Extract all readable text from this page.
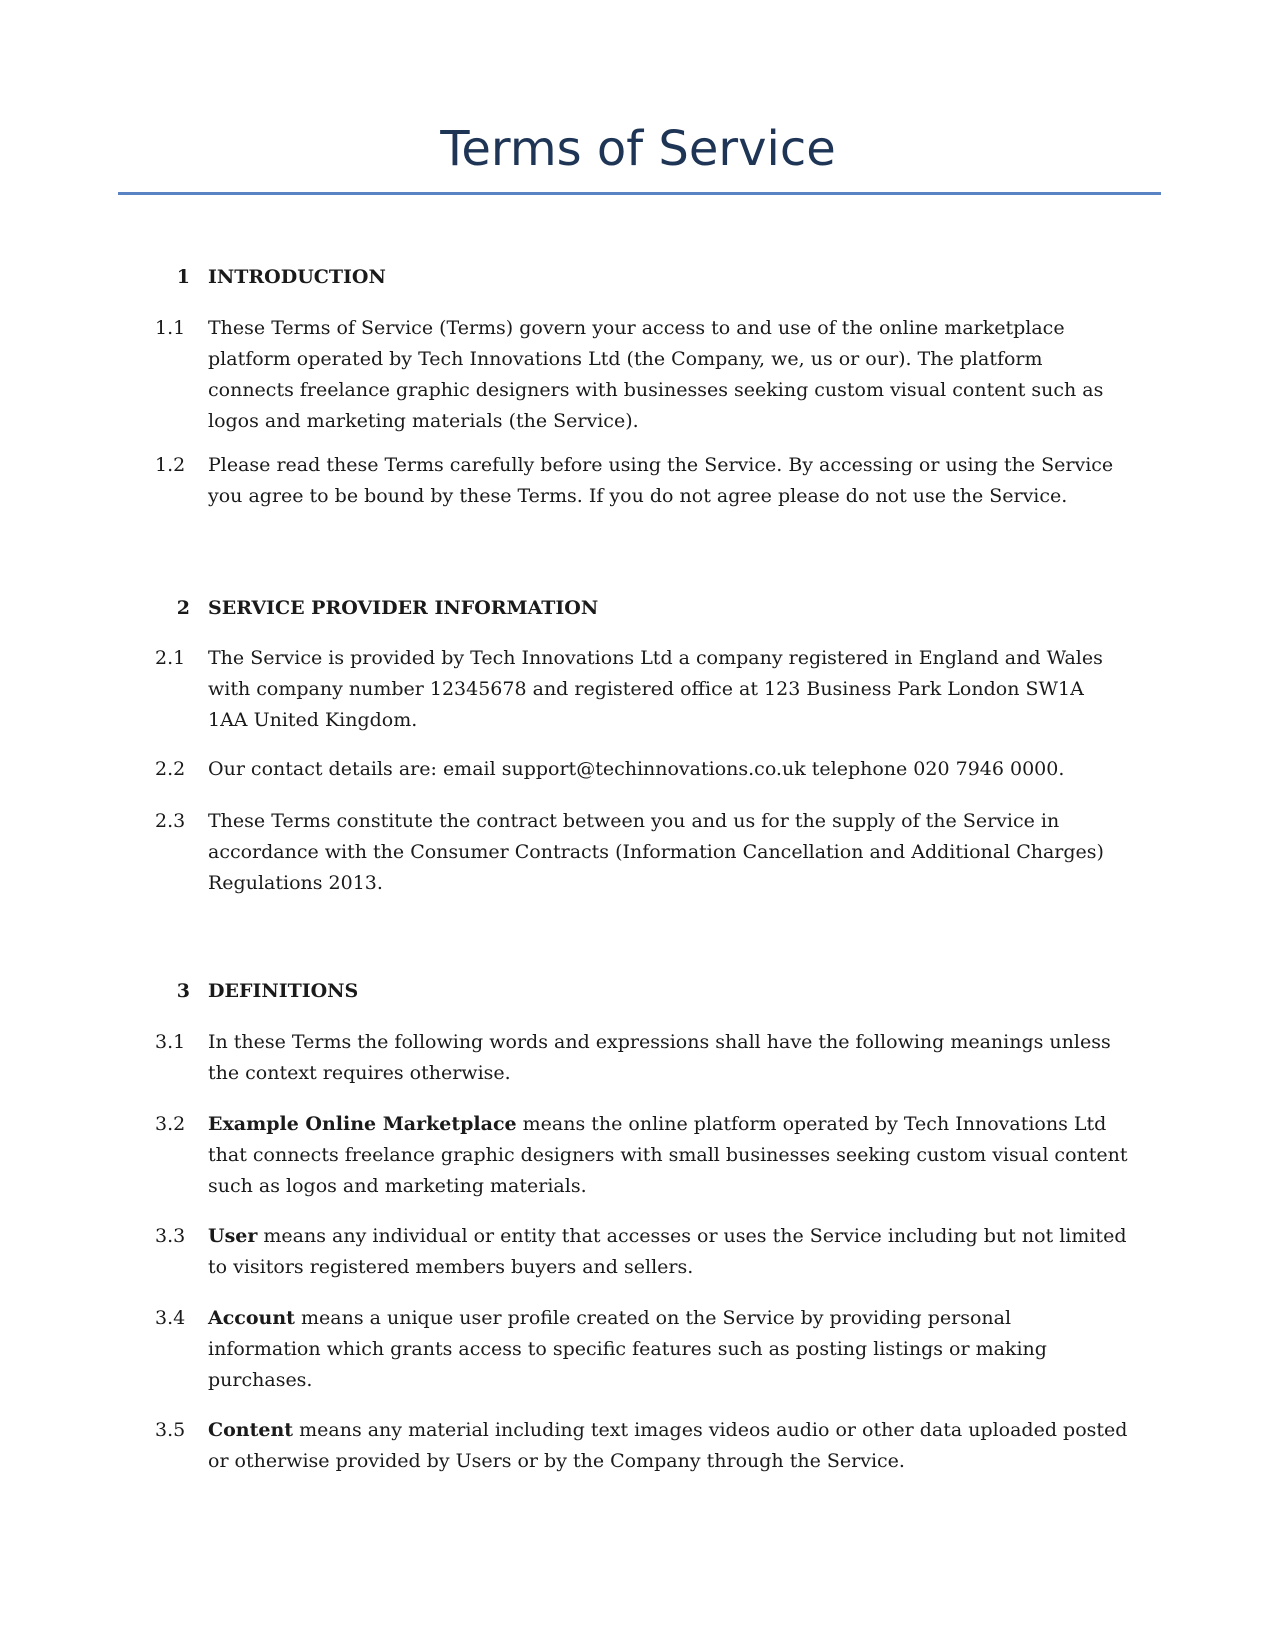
Terms of Service
1 INTRODUCTION

1.1	These Terms of Service (Terms) govern your access to and use of the online marketplace platform operated by Tech Innovations Ltd (the Company, we, us or our). The platform connects freelance graphic designers with businesses seeking custom visual content such as logos and marketing materials (the Service).

1.2	Please read these Terms carefully before using the Service. By accessing or using the Service you agree to be bound by these Terms. If you do not agree please do not use the Service.

2 SERVICE PROVIDER INFORMATION

2.1	The Service is provided by Tech Innovations Ltd a company registered in England and Wales with company number 12345678 and registered office at 123 Business Park London SW1A 1AA United Kingdom.

2.2	Our contact details are: email support@techinnovations.co.uk telephone 020 7946 0000.

2.3	These Terms constitute the contract between you and us for the supply of the Service in accordance with the Consumer Contracts (Information Cancellation and Additional Charges) Regulations 2013.

3 DEFINITIONS

3.1	In these Terms the following words and expressions shall have the following meanings unless the context requires otherwise.

3.2	Example Online Marketplace means the online platform operated by Tech Innovations Ltd that connects freelance graphic designers with small businesses seeking custom visual content such as logos and marketing materials.

3.3	User means any individual or entity that accesses or uses the Service including but not limited to visitors registered members buyers and sellers.

3.4	Account means a unique user profile created on the Service by providing personal information which grants access to specific features such as posting listings or making purchases.

3.5	Content means any material including text images videos audio or other data uploaded posted or otherwise provided by Users or by the Company through the Service.
